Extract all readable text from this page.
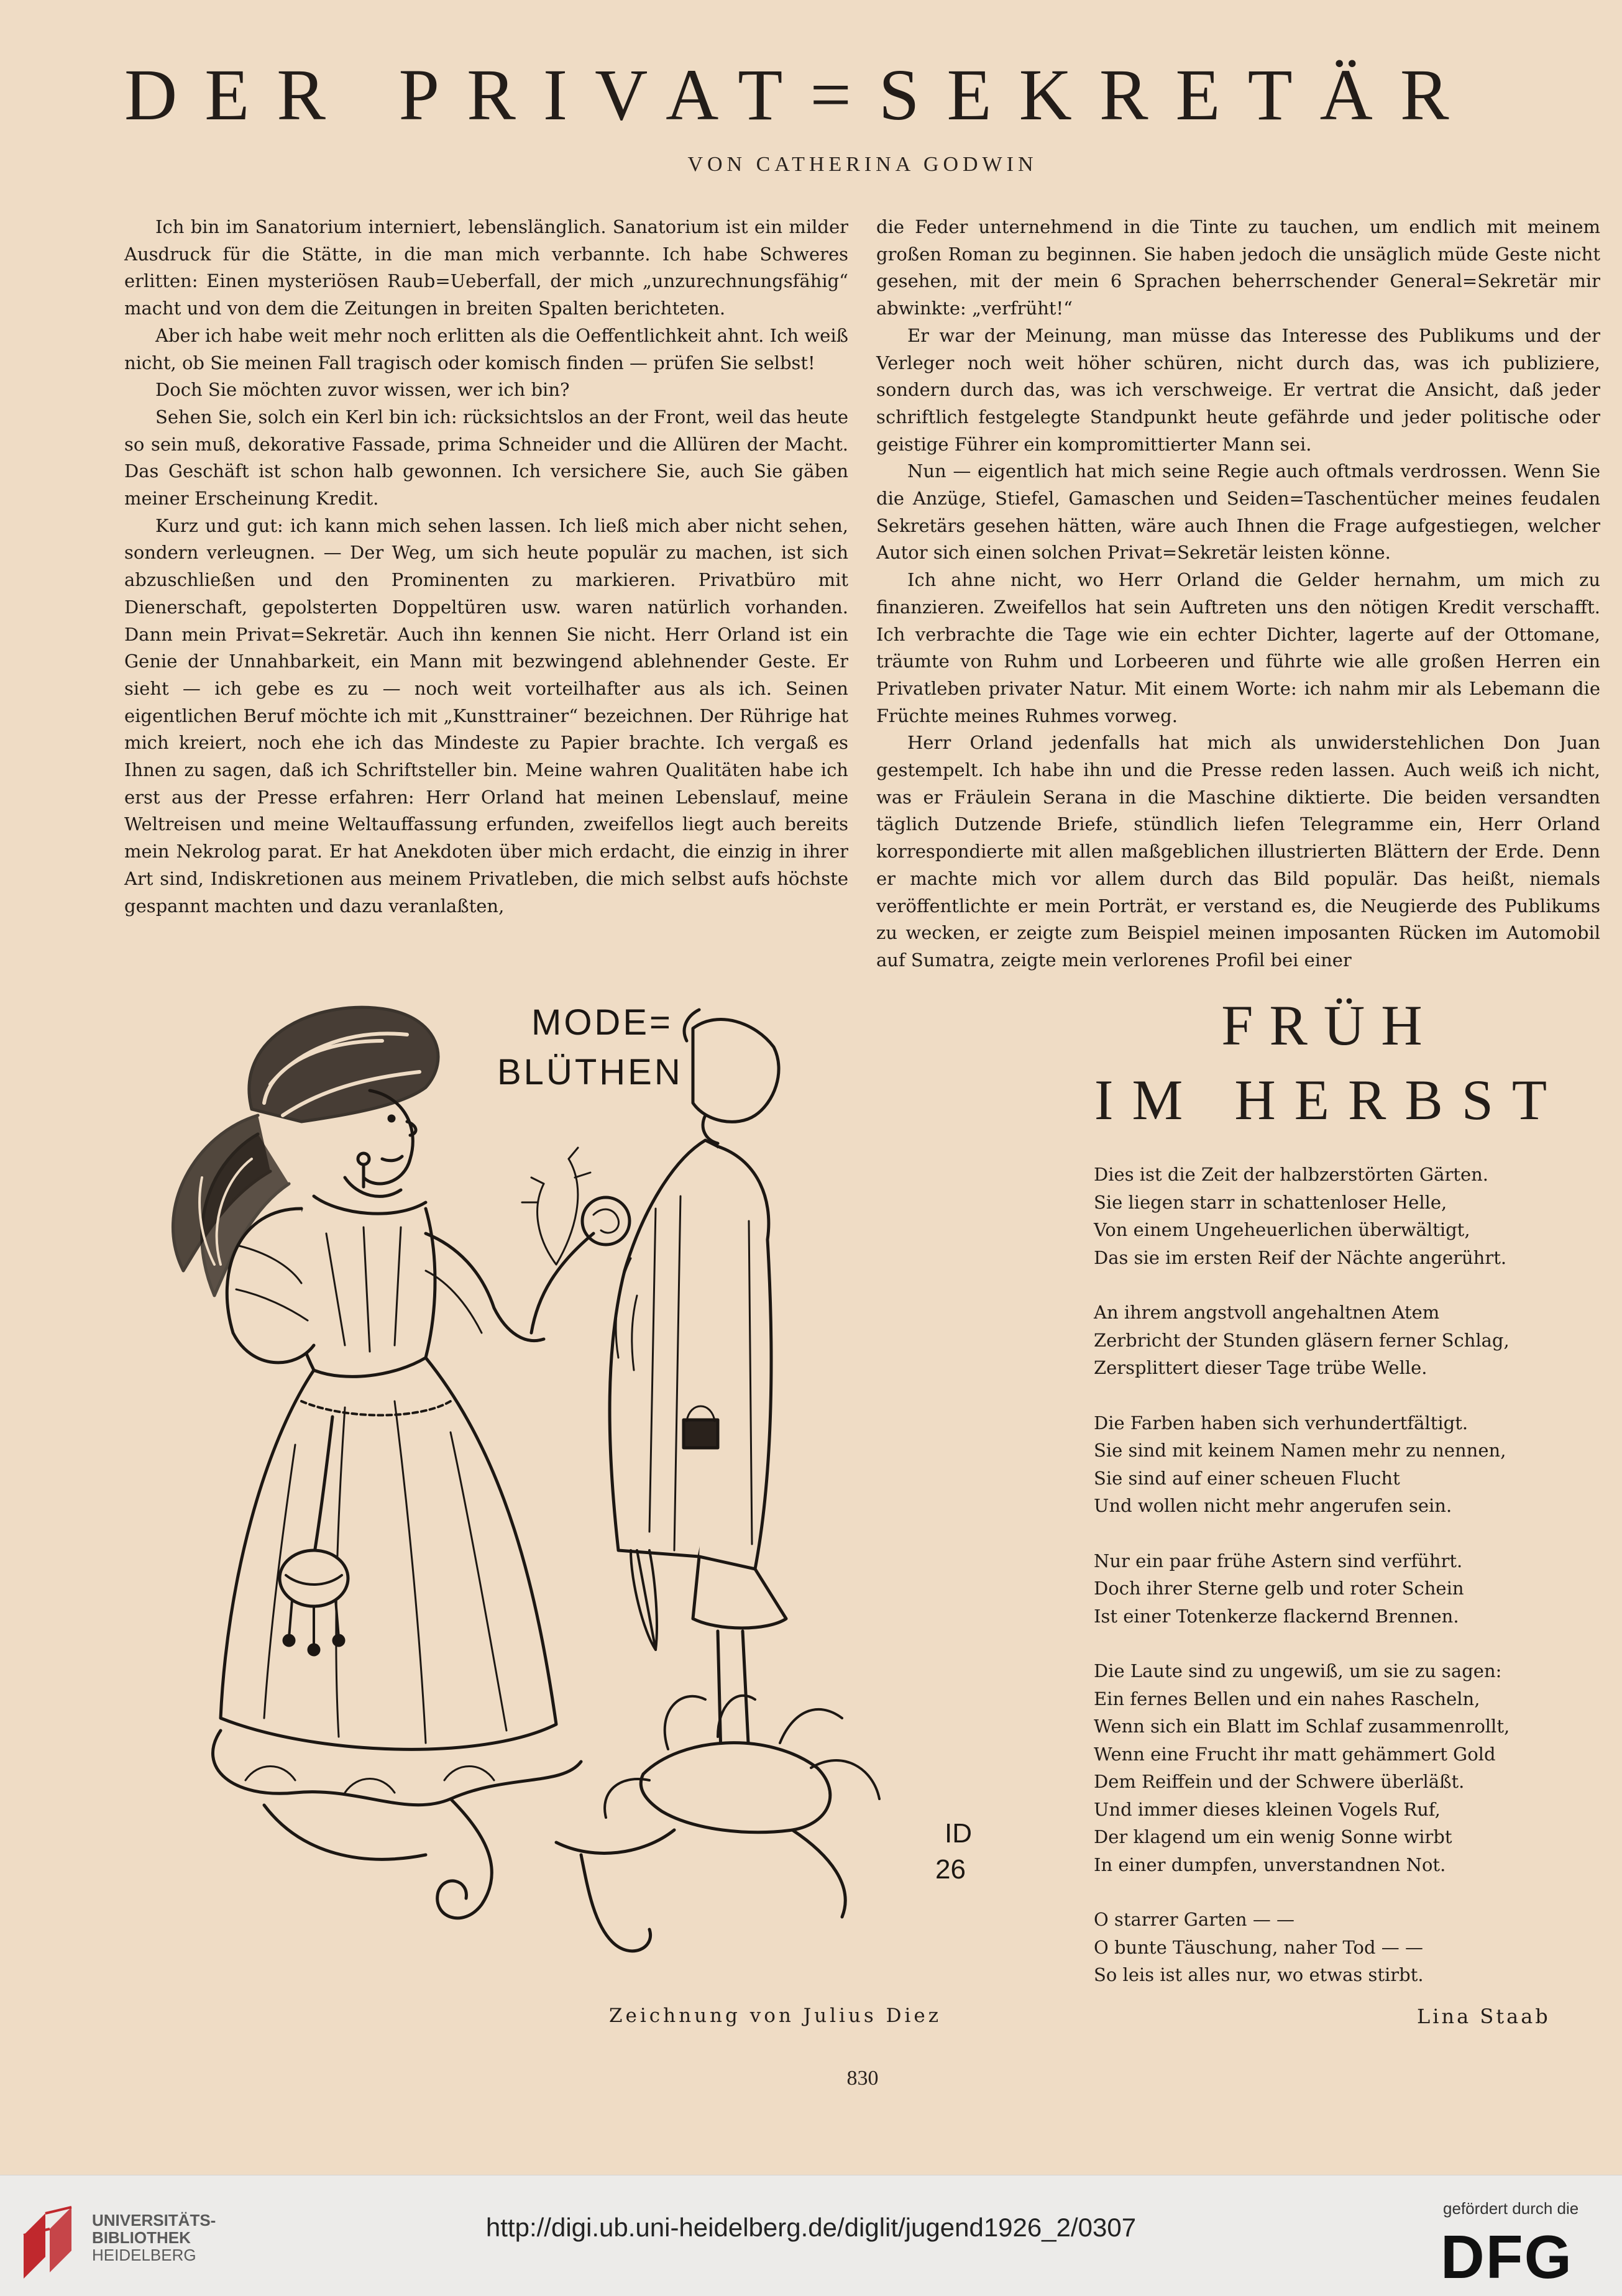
DER PRIVAT=SEKRETÄR
VON CATHERINA GODWIN

Ich bin im Sanatorium interniert, lebenslänglich. Sanatorium ist ein milder Ausdruck für die Stätte, in die man mich verbannte. Ich habe Schweres erlitten: Einen mysteriösen Raub=Ueberfall, der mich „unzurechnungsfähig“ macht und von dem die Zeitungen in breiten Spalten berichteten.

Aber ich habe weit mehr noch erlitten als die Oeffentlichkeit ahnt. Ich weiß nicht, ob Sie meinen Fall tragisch oder komisch finden — prüfen Sie selbst!

Doch Sie möchten zuvor wissen, wer ich bin?

Sehen Sie, solch ein Kerl bin ich: rücksichtslos an der Front, weil das heute so sein muß, dekorative Fassade, prima Schneider und die Allüren der Macht. Das Geschäft ist schon halb gewonnen. Ich versichere Sie, auch Sie gäben meiner Erscheinung Kredit.

Kurz und gut: ich kann mich sehen lassen. Ich ließ mich aber nicht sehen, sondern verleugnen. — Der Weg, um sich heute populär zu machen, ist sich abzuschließen und den Prominenten zu markieren. Privatbüro mit Dienerschaft, gepolsterten Doppeltüren usw. waren natürlich vorhanden. Dann mein Privat=Sekretär. Auch ihn kennen Sie nicht. Herr Orland ist ein Genie der Unnahbarkeit, ein Mann mit bezwingend ablehnender Geste. Er sieht — ich gebe es zu — noch weit vorteilhafter aus als ich. Seinen eigentlichen Beruf möchte ich mit „Kunsttrainer“ bezeichnen. Der Rührige hat mich kreiert, noch ehe ich das Mindeste zu Papier brachte. Ich vergaß es Ihnen zu sagen, daß ich Schriftsteller bin. Meine wahren Qualitäten habe ich erst aus der Presse erfahren: Herr Orland hat meinen Lebenslauf, meine Weltreisen und meine Weltauffassung erfunden, zweifellos liegt auch bereits mein Nekrolog parat. Er hat Anekdoten über mich erdacht, die einzig in ihrer Art sind, Indiskretionen aus meinem Privatleben, die mich selbst aufs höchste gespannt machten und dazu veranlaßten,

die Feder unternehmend in die Tinte zu tauchen, um endlich mit meinem großen Roman zu beginnen. Sie haben jedoch die unsäglich müde Geste nicht gesehen, mit der mein 6 Sprachen beherrschender General=Sekretär mir abwinkte: „verfrüht!“

Er war der Meinung, man müsse das Interesse des Publikums und der Verleger noch weit höher schüren, nicht durch das, was ich publiziere, sondern durch das, was ich verschweige. Er vertrat die Ansicht, daß jeder schriftlich festgelegte Standpunkt heute gefährde und jeder politische oder geistige Führer ein kompromittierter Mann sei.

Nun — eigentlich hat mich seine Regie auch oftmals verdrossen. Wenn Sie die Anzüge, Stiefel, Gamaschen und Seiden=Taschentücher meines feudalen Sekretärs gesehen hätten, wäre auch Ihnen die Frage aufgestiegen, welcher Autor sich einen solchen Privat=Sekretär leisten könne.

Ich ahne nicht, wo Herr Orland die Gelder hernahm, um mich zu finanzieren. Zweifellos hat sein Auftreten uns den nötigen Kredit verschafft. Ich verbrachte die Tage wie ein echter Dichter, lagerte auf der Ottomane, träumte von Ruhm und Lorbeeren und führte wie alle großen Herren ein Privatleben privater Natur. Mit einem Worte: ich nahm mir als Lebemann die Früchte meines Ruhmes vorweg.

Herr Orland jedenfalls hat mich als unwiderstehlichen Don Juan gestempelt. Ich habe ihn und die Presse reden lassen. Auch weiß ich nicht, was er Fräulein Serana in die Maschine diktierte. Die beiden versandten täglich Dutzende Briefe, stündlich liefen Telegramme ein, Herr Orland korrespondierte mit allen maßgeblichen illustrierten Blättern der Erde. Denn er machte mich vor allem durch das Bild populär. Das heißt, niemals veröffentlichte er mein Porträt, er verstand es, die Neugierde des Publikums zu wecken, er zeigte zum Beispiel meinen imposanten Rücken im Automobil auf Sumatra, zeigte mein verlorenes Profil bei einer

MODE=
BLÜTHEN
ID
26
FRÜH
IM HERBST
Dies ist die Zeit der halbzerstörten Gärten.
Sie liegen starr in schattenloser Helle,
Von einem Ungeheuerlichen überwältigt,
Das sie im ersten Reif der Nächte angerührt.
An ihrem angstvoll angehaltnen Atem
Zerbricht der Stunden gläsern ferner Schlag,
Zersplittert dieser Tage trübe Welle.
Die Farben haben sich verhundertfältigt.
Sie sind mit keinem Namen mehr zu nennen,
Sie sind auf einer scheuen Flucht
Und wollen nicht mehr angerufen sein.
Nur ein paar frühe Astern sind verführt.
Doch ihrer Sterne gelb und roter Schein
Ist einer Totenkerze flackernd Brennen.
Die Laute sind zu ungewiß, um sie zu sagen:
Ein fernes Bellen und ein nahes Rascheln,
Wenn sich ein Blatt im Schlaf zusammenrollt,
Wenn eine Frucht ihr matt gehämmert Gold
Dem Reiffein und der Schwere überläßt.
Und immer dieses kleinen Vogels Ruf,
Der klagend um ein wenig Sonne wirbt
In einer dumpfen, unverstandnen Not.
O starrer Garten — —
O bunte Täuschung, naher Tod — —
So leis ist alles nur, wo etwas stirbt.
Zeichnung von Julius Diez	Lina Staab
830
UNIVERSITÄTS-
BIBLIOTHEK
HEIDELBERG
http://digi.ub.uni-heidelberg.de/diglit/jugend1926_2/0307
gefördert durch die
DFG
